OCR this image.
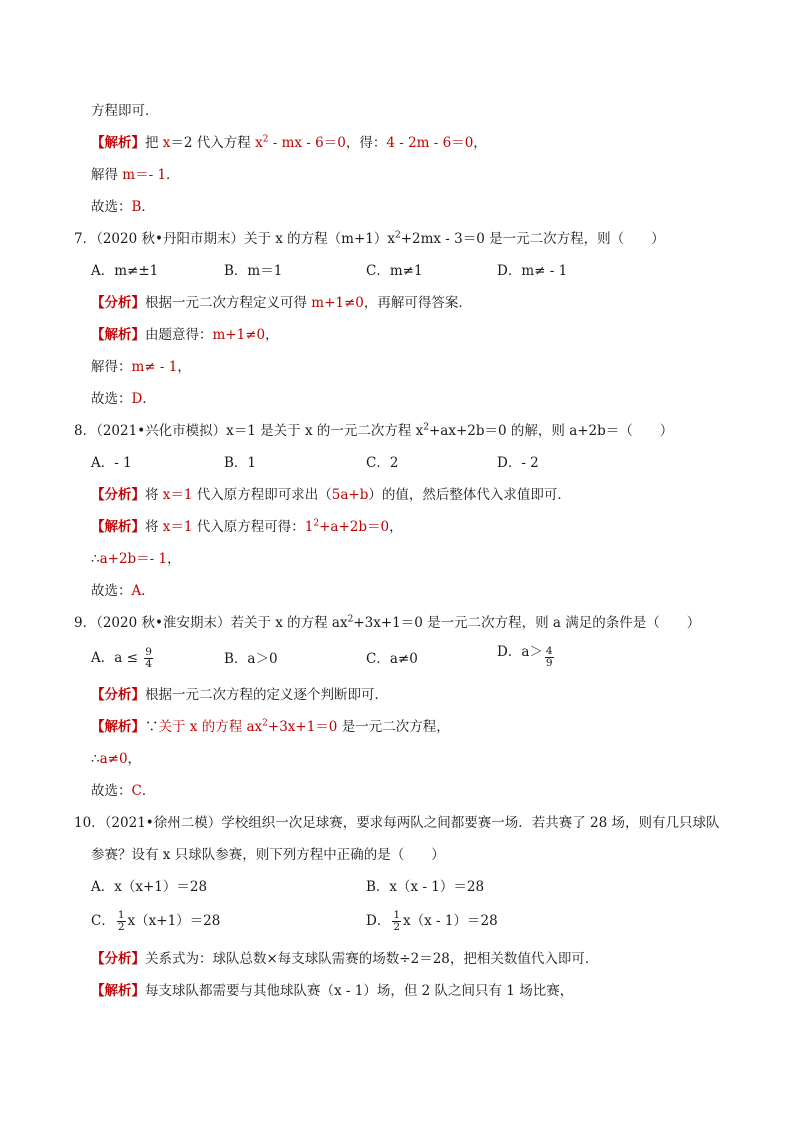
方程即可．
【解析】把 x＝2 代入方程 $x^2$ - mx - 6＝0，得：4 - 2m - 6＝0，
解得 m＝- 1．
故选：B．
7．（2020 秋•丹阳市期末）关于 x 的方程$(m+1)x^2+2mx - 3=0$ 是一元二次方程，则（　　）
A．m≠±1	B．m＝1	C．m≠1	D．m≠ - 1
【分析】根据一元二次方程定义可得 m+1≠0，再解可得答案．
【解析】由题意得：m+1≠0，
解得：m≠ - 1，
故选：D．
8．（2021•兴化市模拟）x＝1 是关于 x 的一元二次方程 $x^2+ax+2b=0$ 的解，则 a+2b＝（　　）
A．- 1	B．1	C．2	D．- 2
【分析】将 x＝1 代入原方程即可求出（5a+b）的值，然后整体代入求值即可．
【解析】将 x＝1 代入原方程可得：$1^2+a+2b=0$，
∴a+2b＝- 1，
故选：A．
9．（2020 秋•淮安期末）若关于 x 的方程 $ax^2+3x+1=0$ 是一元二次方程，则 a 满足的条件是（　　）
A．$a \le \frac{9}{4}$	B．a＞0	C．a≠0	D．$a> \frac{4}{9}$
【分析】根据一元二次方程的定义逐个判断即可．
【解析】∵关于 x 的方程 $ax^2+3x+1=0$ 是一元二次方程，
∴a≠0，
故选：C．
10．（2021•徐州二模）学校组织一次足球赛，要求每两队之间都要赛一场．若共赛了 28 场，则有几只球队
参赛？设有 x 只球队参赛，则下列方程中正确的是（　　）
A．x（x+1）＝28	B．x（x - 1）＝28
C． $\frac{1}{2} x(x+1)=28$	D． $\frac{1}{2} x(x - 1)=28$
【分析】关系式为：球队总数×每支球队需赛的场数÷2＝28，把相关数值代入即可．
【解析】每支球队都需要与其他球队赛（x - 1）场，但 2 队之间只有 1 场比赛，
